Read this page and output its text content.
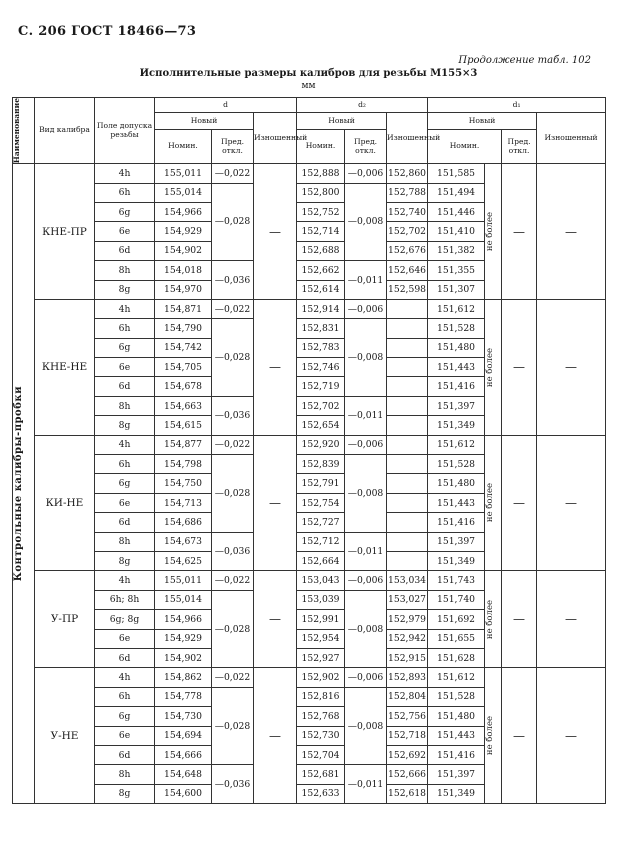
С. 206 ГОСТ 18466—73
Продолжение табл. 102
Исполнительные размеры калибров для резьбы М155×3
мм
Наименование	Вид калибра	Поле допуска резьбы	d			d₂			d₁			
			Новый		Изношенный	Новый		Изношенный	Новый			Изношенный
			Номин.	Пред. откл.		Номин.	Пред. откл.		Номин.		Пред. откл.	

Контрольные калибры-пробки	КНЕ-ПР	4h	155,011	—0,022	—	152,888	—0,006	152,860	151,585	не более	—	—
		6h	155,014	—0,028		152,800	—0,008	152,788	151,494			
		6g	154,966			152,752		152,740	151,446			
		6e	154,929			152,714		152,702	151,410			
		6d	154,902			152,688		152,676	151,382			
		8h	154,018	—0,036		152,662	—0,011	152,646	151,355			
		8g	154,970			152,614		152,598	151,307			
	КНЕ-НЕ	4h	154,871	—0,022	—	152,914	—0,006		151,612	не более	—	—
		6h	154,790	—0,028		152,831	—0,008		151,528			
		6g	154,742			152,783			151,480			
		6e	154,705			152,746			151,443			
		6d	154,678			152,719			151,416			
		8h	154,663	—0,036		152,702	—0,011		151,397			
		8g	154,615			152,654			151,349			
	КИ-НЕ	4h	154,877	—0,022	—	152,920	—0,006		151,612	не более	—	—
		6h	154,798	—0,028		152,839	—0,008		151,528			
		6g	154,750			152,791			151,480			
		6e	154,713			152,754			151,443			
		6d	154,686			152,727			151,416			
		8h	154,673	—0,036		152,712	—0,011		151,397			
		8g	154,625			152,664			151,349			
	У-ПР	4h	155,011	—0,022	—	153,043	—0,006	153,034	151,743	не более	—	—
		6h; 8h	155,014	—0,028		153,039	—0,008	153,027	151,740			
		6g; 8g	154,966			152,991		152,979	151,692			
		6e	154,929			152,954		152,942	151,655			
		6d	154,902			152,927		152,915	151,628			
	У-НЕ	4h	154,862	—0,022	—	152,902	—0,006	152,893	151,612	не более	—	—
		6h	154,778	—0,028		152,816	—0,008	152,804	151,528			
		6g	154,730			152,768		152,756	151,480			
		6e	154,694			152,730		152,718	151,443			
		6d	154,666			152,704		152,692	151,416			
		8h	154,648	—0,036		152,681	—0,011	152,666	151,397			
		8g	154,600			152,633		152,618	151,349			
